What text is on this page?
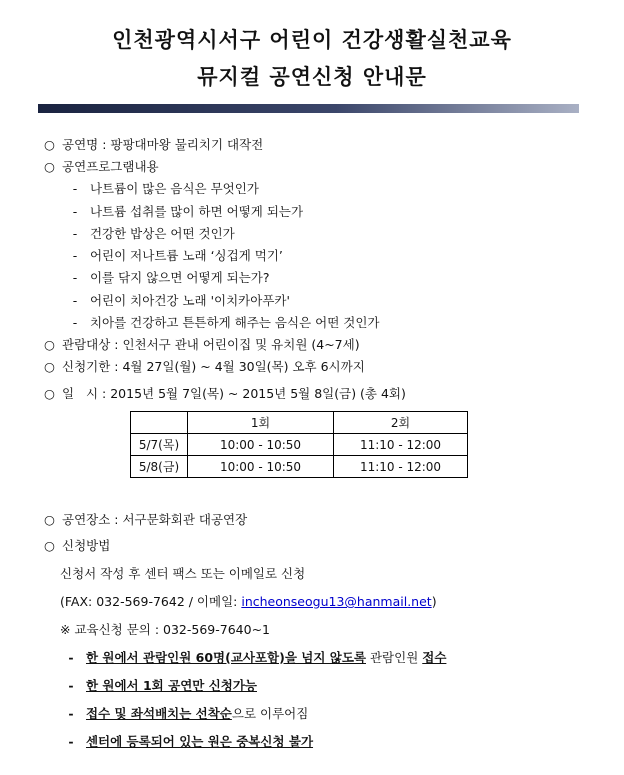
인천광역시서구 어린이 건강생활실천교육
뮤지컬 공연신청 안내문
○ 공연명 : 팡팡대마왕 물리치기 대작전
○ 공연프로그램내용
- 나트륨이 많은 음식은 무엇인가
- 나트륨 섭취를 많이 하면 어떻게 되는가
- 건강한 밥상은 어떤 것인가
- 어린이 저나트륨 노래 ‘싱겁게 먹기’
- 이를 닦지 않으면 어떻게 되는가?
- 어린이 치아건강 노래 '이치카아푸카'
- 치아를 건강하고 튼튼하게 해주는 음식은 어떤 것인가
○ 관람대상 : 인천서구 관내 어린이집 및 유치원 (4~7세)
○ 신청기한 : 4월 27일(월) ~ 4월 30일(목) 오후 6시까지
○ 일   시 : 2015년 5월 7일(목) ~ 2015년 5월 8일(금) (총 4회)
	1회	2회
5/7(목)	10:00 - 10:50	11:10 - 12:00
5/8(금)	10:00 - 10:50	11:10 - 12:00
○ 공연장소 : 서구문화회관 대공연장
○ 신청방법
신청서 작성 후 센터 팩스 또는 이메일로 신청
(FAX: 032-569-7642 / 이메일: incheonseogu13@hanmail.net)
※ 교육신청 문의 : 032-569-7640~1
- 한 원에서 관람인원 60명(교사포함)을 넘지 않도록 관람인원 접수
- 한 원에서 1회 공연만 신청가능
- 접수 및 좌석배치는 선착순으로 이루어짐
- 센터에 등록되어 있는 원은 중복신청 불가
